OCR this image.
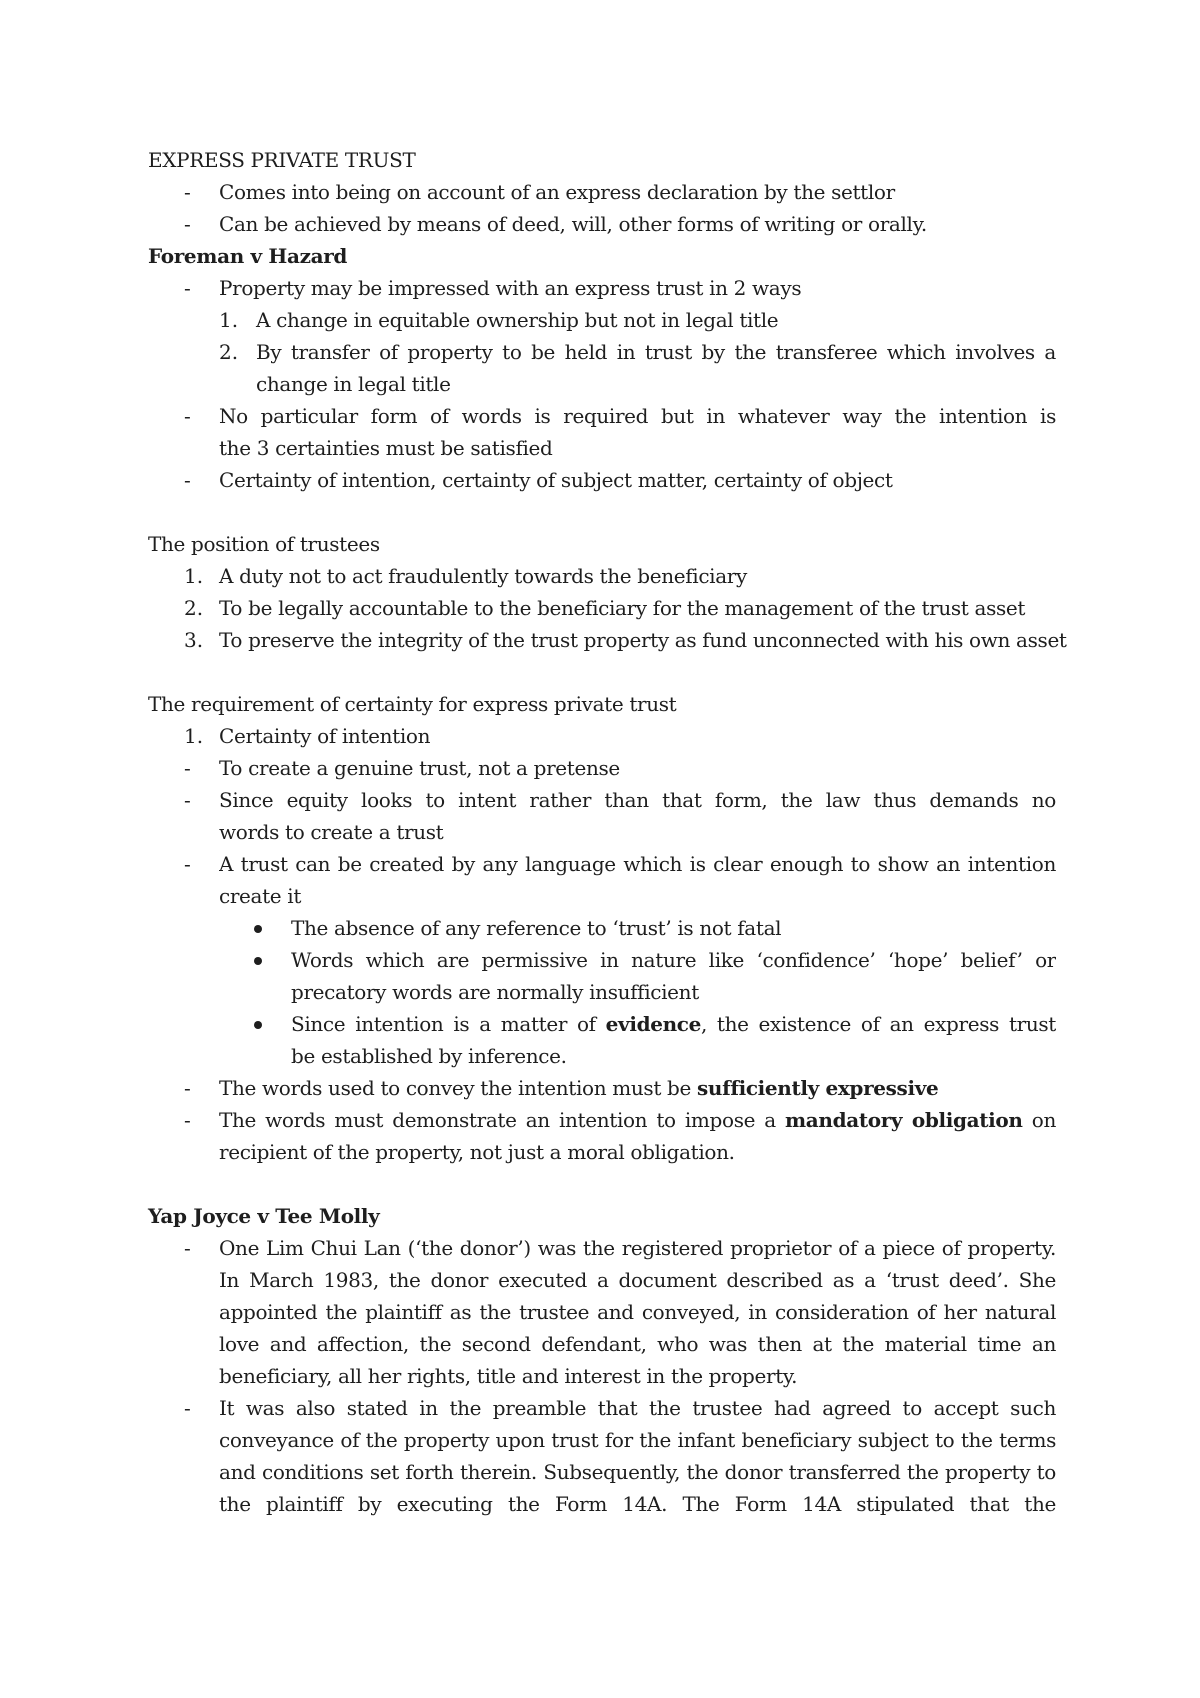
EXPRESS PRIVATE TRUST
- Comes into being on account of an express declaration by the settlor
- Can be achieved by means of deed, will, other forms of writing or orally.
Foreman v Hazard
- Property may be impressed with an express trust in 2 ways
1. A change in equitable ownership but not in legal title
2. By transfer of property to be held in trust by the transferee which involves a
change in legal title
- No particular form of words is required but in whatever way the intention is
the 3 certainties must be satisfied
- Certainty of intention, certainty of subject matter, certainty of object
The position of trustees
1. A duty not to act fraudulently towards the beneficiary
2. To be legally accountable to the beneficiary for the management of the trust asset
3. To preserve the integrity of the trust property as fund unconnected with his own asset
The requirement of certainty for express private trust
1. Certainty of intention
- To create a genuine trust, not a pretense
- Since equity looks to intent rather than that form, the law thus demands no
words to create a trust
- A trust can be created by any language which is clear enough to show an intention
create it
The absence of any reference to ‘trust’ is not fatal
Words which are permissive in nature like ‘confidence’ ‘hope’ belief’ or
precatory words are normally insufficient
Since intention is a matter of evidence, the existence of an express trust
be established by inference.
- The words used to convey the intention must be sufficiently expressive
- The words must demonstrate an intention to impose a mandatory obligation on
recipient of the property, not just a moral obligation.
Yap Joyce v Tee Molly
- One Lim Chui Lan (‘the donor’) was the registered proprietor of a piece of property.
In March 1983, the donor executed a document described as a ‘trust deed’. She
appointed the plaintiff as the trustee and conveyed, in consideration of her natural
love and affection, the second defendant, who was then at the material time an
beneficiary, all her rights, title and interest in the property.
- It was also stated in the preamble that the trustee had agreed to accept such
conveyance of the property upon trust for the infant beneficiary subject to the terms
and conditions set forth therein. Subsequently, the donor transferred the property to
the plaintiff by executing the Form 14A. The Form 14A stipulated that the
